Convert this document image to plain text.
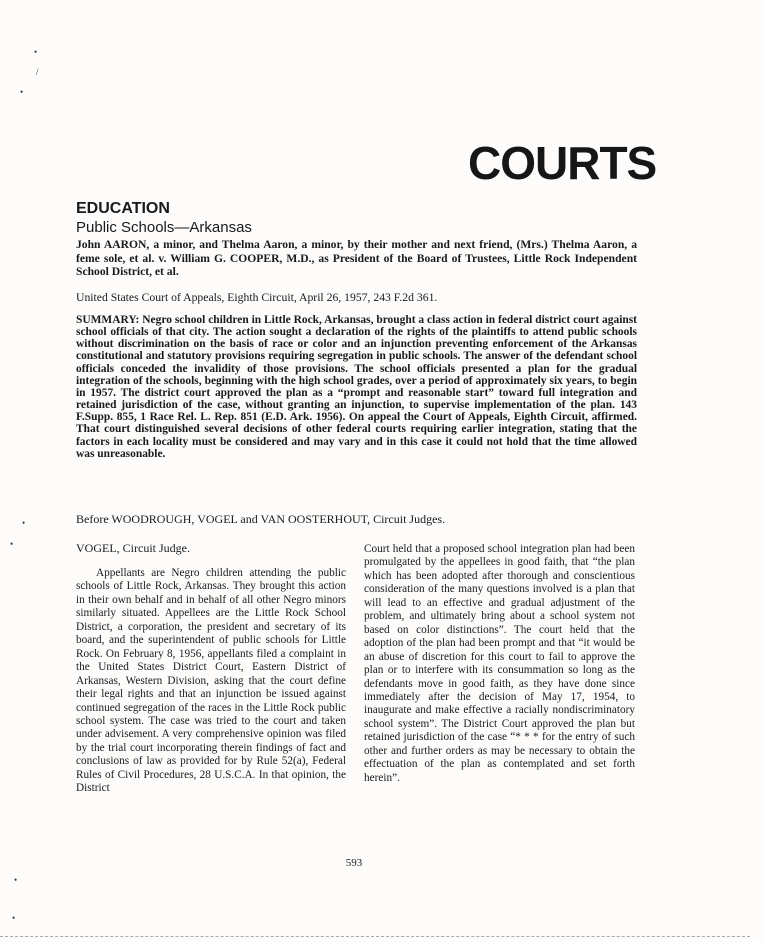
•
/
•
•
•
•
•
COURTS
EDUCATION
Public Schools—Arkansas
John AARON, a minor, and Thelma Aaron, a minor, by their mother and next friend, (Mrs.) Thelma Aaron, a feme sole, et al. v. William G. COOPER, M.D., as President of the Board of Trustees, Little Rock Independent School District, et al.
United States Court of Appeals, Eighth Circuit, April 26, 1957, 243 F.2d 361.
SUMMARY: Negro school children in Little Rock, Arkansas, brought a class action in federal district court against school officials of that city. The action sought a declaration of the rights of the plaintiffs to attend public schools without discrimination on the basis of race or color and an injunction preventing enforcement of the Arkansas constitutional and statutory provisions requiring segregation in public schools. The answer of the defendant school officials conceded the invalidity of those provisions. The school officials presented a plan for the gradual integration of the schools, beginning with the high school grades, over a period of approximately six years, to begin in 1957. The district court approved the plan as a “prompt and reasonable start” toward full integration and retained jurisdiction of the case, without granting an injunction, to supervise implementation of the plan. 143 F.Supp. 855, 1 Race Rel. L. Rep. 851 (E.D. Ark. 1956). On appeal the Court of Appeals, Eighth Circuit, affirmed. That court distinguished several decisions of other federal courts requiring earlier integration, stating that the factors in each locality must be considered and may vary and in this case it could not hold that the time allowed was unreasonable.
Before WOODROUGH, VOGEL and VAN OOSTERHOUT, Circuit Judges.
VOGEL, Circuit Judge.

Appellants are Negro children attending the public schools of Little Rock, Arkansas. They brought this action in their own behalf and in behalf of all other Negro minors similarly situated. Appellees are the Little Rock School District, a corporation, the president and secretary of its board, and the superintendent of public schools for Little Rock. On February 8, 1956, appellants filed a complaint in the United States District Court, Eastern District of Arkansas, Western Division, asking that the court define their legal rights and that an injunction be issued against continued segregation of the races in the Little Rock public school system. The case was tried to the court and taken under advisement. A very comprehensive opinion was filed by the trial court incorporating therein findings of fact and conclusions of law as provided for by Rule 52(a), Federal Rules of Civil Procedures, 28 U.S.C.A. In that opinion, the District

Court held that a proposed school integration plan had been promulgated by the appellees in good faith, that “the plan which has been adopted after thorough and conscientious consideration of the many questions involved is a plan that will lead to an effective and gradual adjustment of the problem, and ultimately bring about a school system not based on color distinctions”. The court held that the adoption of the plan had been prompt and that “it would be an abuse of discretion for this court to fail to approve the plan or to interfere with its consummation so long as the defendants move in good faith, as they have done since immediately after the decision of May 17, 1954, to inaugurate and make effective a racially nondiscriminatory school system”. The District Court approved the plan but retained jurisdiction of the case “* * * for the entry of such other and further orders as may be necessary to obtain the effectuation of the plan as contemplated and set forth herein”.

593
